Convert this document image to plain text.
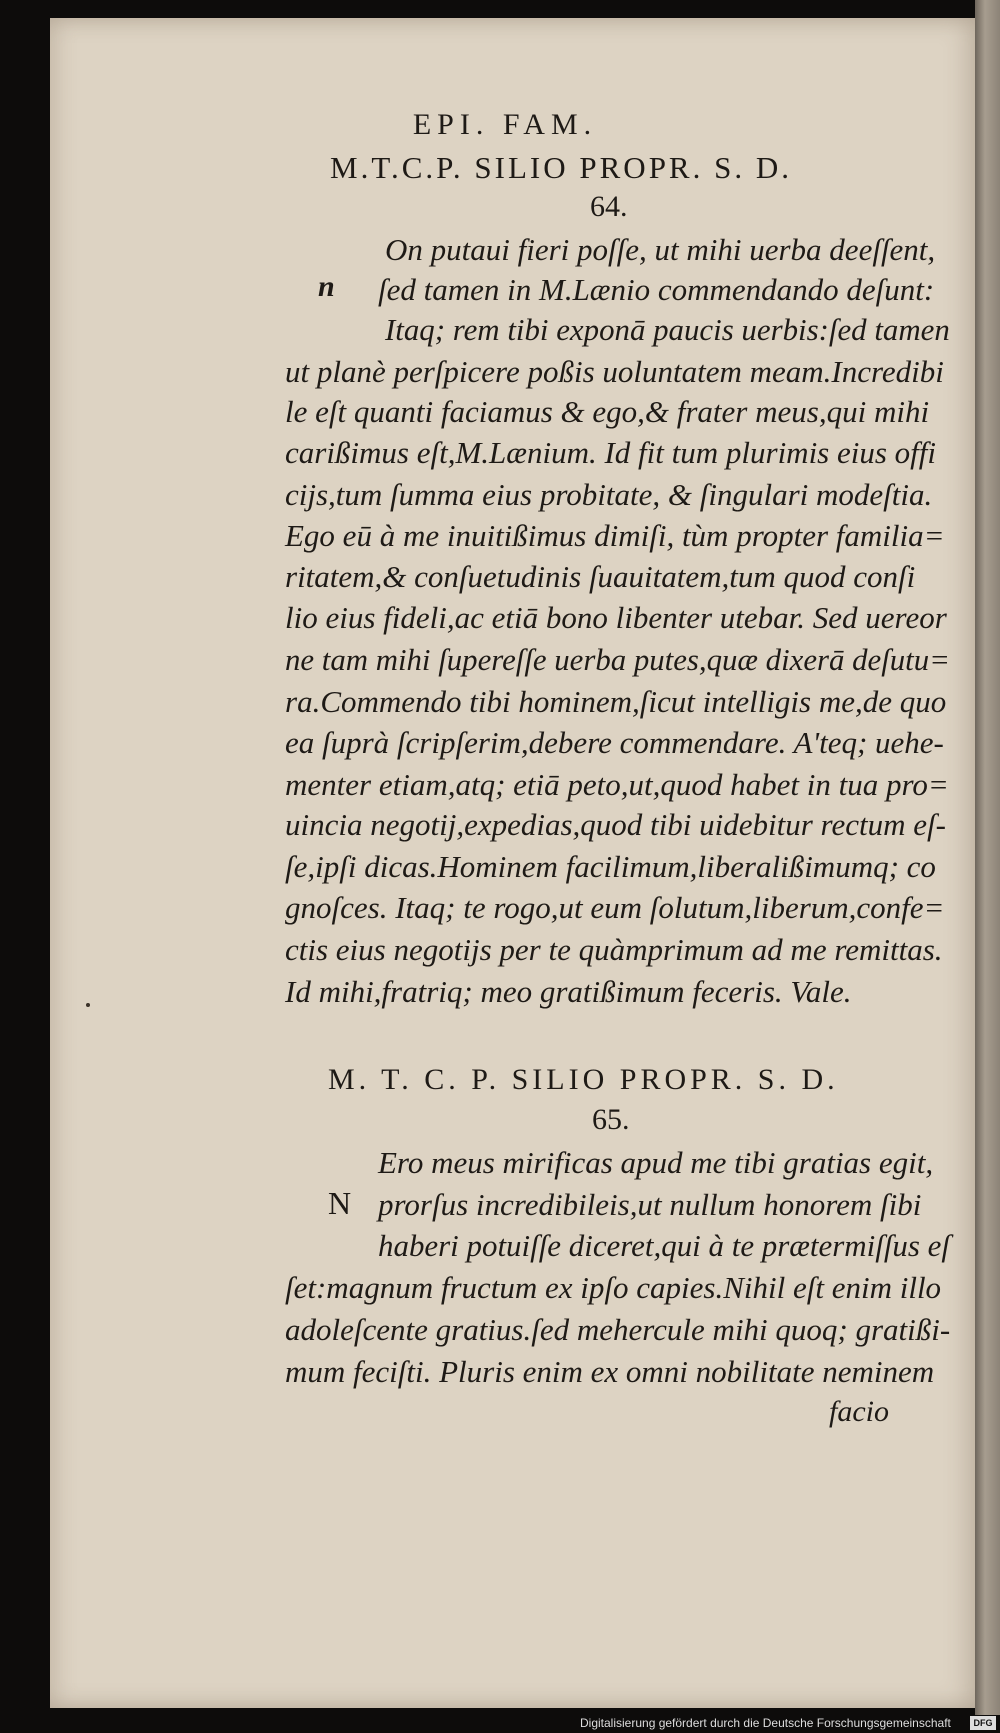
EPI. FAM.
M.T.C.P. SILIO PROPR. S. D.
64.
n
On putaui fieri poſſe, ut mihi uerba deeſſent,
ſed tamen in M.Lænio commendando deſunt:
Itaq; rem tibi exponā paucis uerbis:ſed tamen
ut planè perſpicere poßis uoluntatem meam.Incredibi
le eſt quanti faciamus & ego,& frater meus,qui mihi
carißimus eſt,M.Lænium. Id fit tum plurimis eius offi
cijs,tum ſumma eius probitate, & ſingulari modeſtia.
Ego eū à me inuitißimus dimiſi, tùm propter familia=
ritatem,& conſuetudinis ſuauitatem,tum quod conſi
lio eius fideli,ac etiā bono libenter utebar. Sed uereor
ne tam mihi ſupereſſe uerba putes,quæ dixerā deſutu=
ra.Commendo tibi hominem,ſicut intelligis me,de quo
ea ſuprà ſcripſerim,debere commendare. A'teq; uehe-
menter etiam,atq; etiā peto,ut,quod habet in tua pro=
uincia negotij,expedias,quod tibi uidebitur rectum eſ-
ſe,ipſi dicas.Hominem facilimum,liberalißimumq; co
gnoſces. Itaq; te rogo,ut eum ſolutum,liberum,confe=
ctis eius negotijs per te quàmprimum ad me remittas.
Id mihi,fratriq; meo gratißimum feceris. Vale.
M. T. C. P. SILIO PROPR. S. D.
65.
N
Ero meus mirificas apud me tibi gratias egit,
prorſus incredibileis,ut nullum honorem ſibi
haberi potuiſſe diceret,qui à te prætermiſſus eſ
ſet:magnum fructum ex ipſo capies.Nihil eſt enim illo
adoleſcente gratius.ſed mehercule mihi quoq; gratißi-
mum feciſti. Pluris enim ex omni nobilitate neminem
facio
Digitalisierung gefördert durch die Deutsche Forschungsgemeinschaft	DFG
